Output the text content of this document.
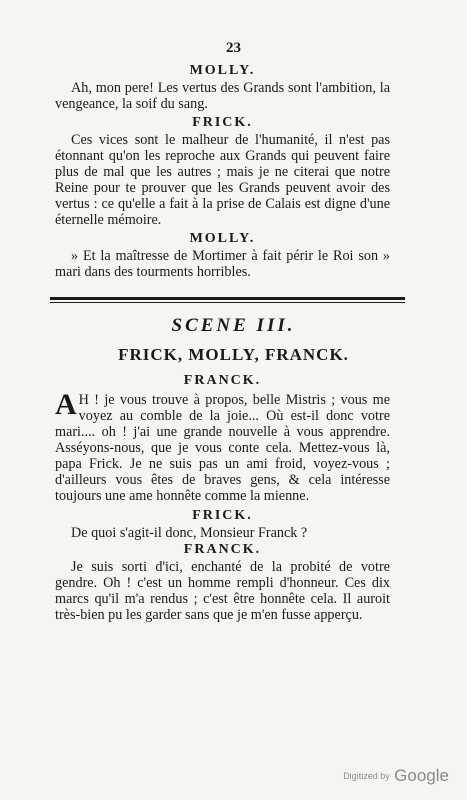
23
MOLLY.

Ah, mon pere! Les vertus des Grands sont l'ambition, la vengeance, la soif du sang.

FRICK.

Ces vices sont le malheur de l'humanité, il n'est pas étonnant qu'on les reproche aux Grands qui peuvent faire plus de mal que les autres ; mais je ne citerai que notre Reine pour te prouver que les Grands peuvent avoir des vertus : ce qu'elle a fait à la prise de Calais est digne d'une éternelle mémoire.

MOLLY.

» Et la maîtresse de Mortimer à fait périr le Roi son » mari dans des tourments horribles.

SCENE III.
FRICK, MOLLY, FRANCK.
FRANCK.
A H ! je vous trouve à propos, belle Mistris ; vous me voyez au comble de la joie... Où est-il donc votre mari.... oh ! j'ai une grande nouvelle à vous apprendre. Asséyons-nous, que je vous conte cela. Mettez-vous là, papa Frick. Je ne suis pas un ami froid, voyez-vous ; d'ailleurs vous êtes de braves gens, & cela intéresse toujours une ame honnête comme la mienne.
FRICK.

De quoi s'agit-il donc, Monsieur Franck ?

FRANCK.

Je suis sorti d'ici, enchanté de la probité de votre gendre. Oh ! c'est un homme rempli d'honneur. Ces dix marcs qu'il m'a rendus ; c'est être honnête cela. Il auroit très-bien pu les garder sans que je m'en fusse apperçu.

Digitized by Google
